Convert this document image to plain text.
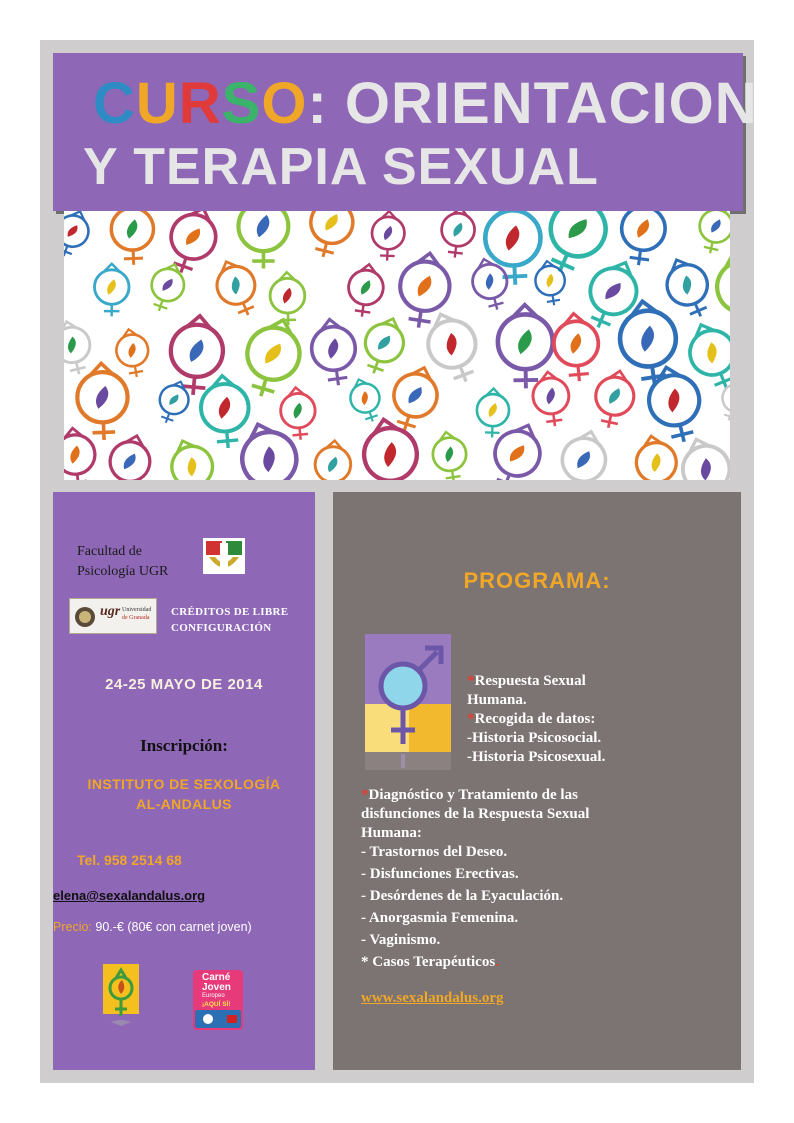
CURSO: ORIENTACION
Y TERAPIA SEXUAL
Facultad de
Psicología UGR
ugr Universidad
de Granada CRÉDITOS DE LIBRE
CONFIGURACIÓN
24-25 MAYO DE 2014
Inscripción:
INSTITUTO DE SEXOLOGÍA
AL-ANDALUS
Tel. 958 2514 68
elena@sexalandalus.org
Precio: 90.-€ (80€ con carnet joven)
Carné
Joven
Europeo
¡AQUÍ SÍ!
PROGRAMA:
*Respuesta Sexual
Humana.
*Recogida de datos:
-Historia Psicosocial.
-Historia Psicosexual.
*Diagnóstico y Tratamiento de las
disfunciones de la Respuesta Sexual
Humana:
- Trastornos del Deseo.
- Disfunciones Erectivas.
- Desórdenes de la Eyaculación.
- Anorgasmia Femenina.
- Vaginismo.
* Casos Terapéuticos.
www.sexalandalus.org
